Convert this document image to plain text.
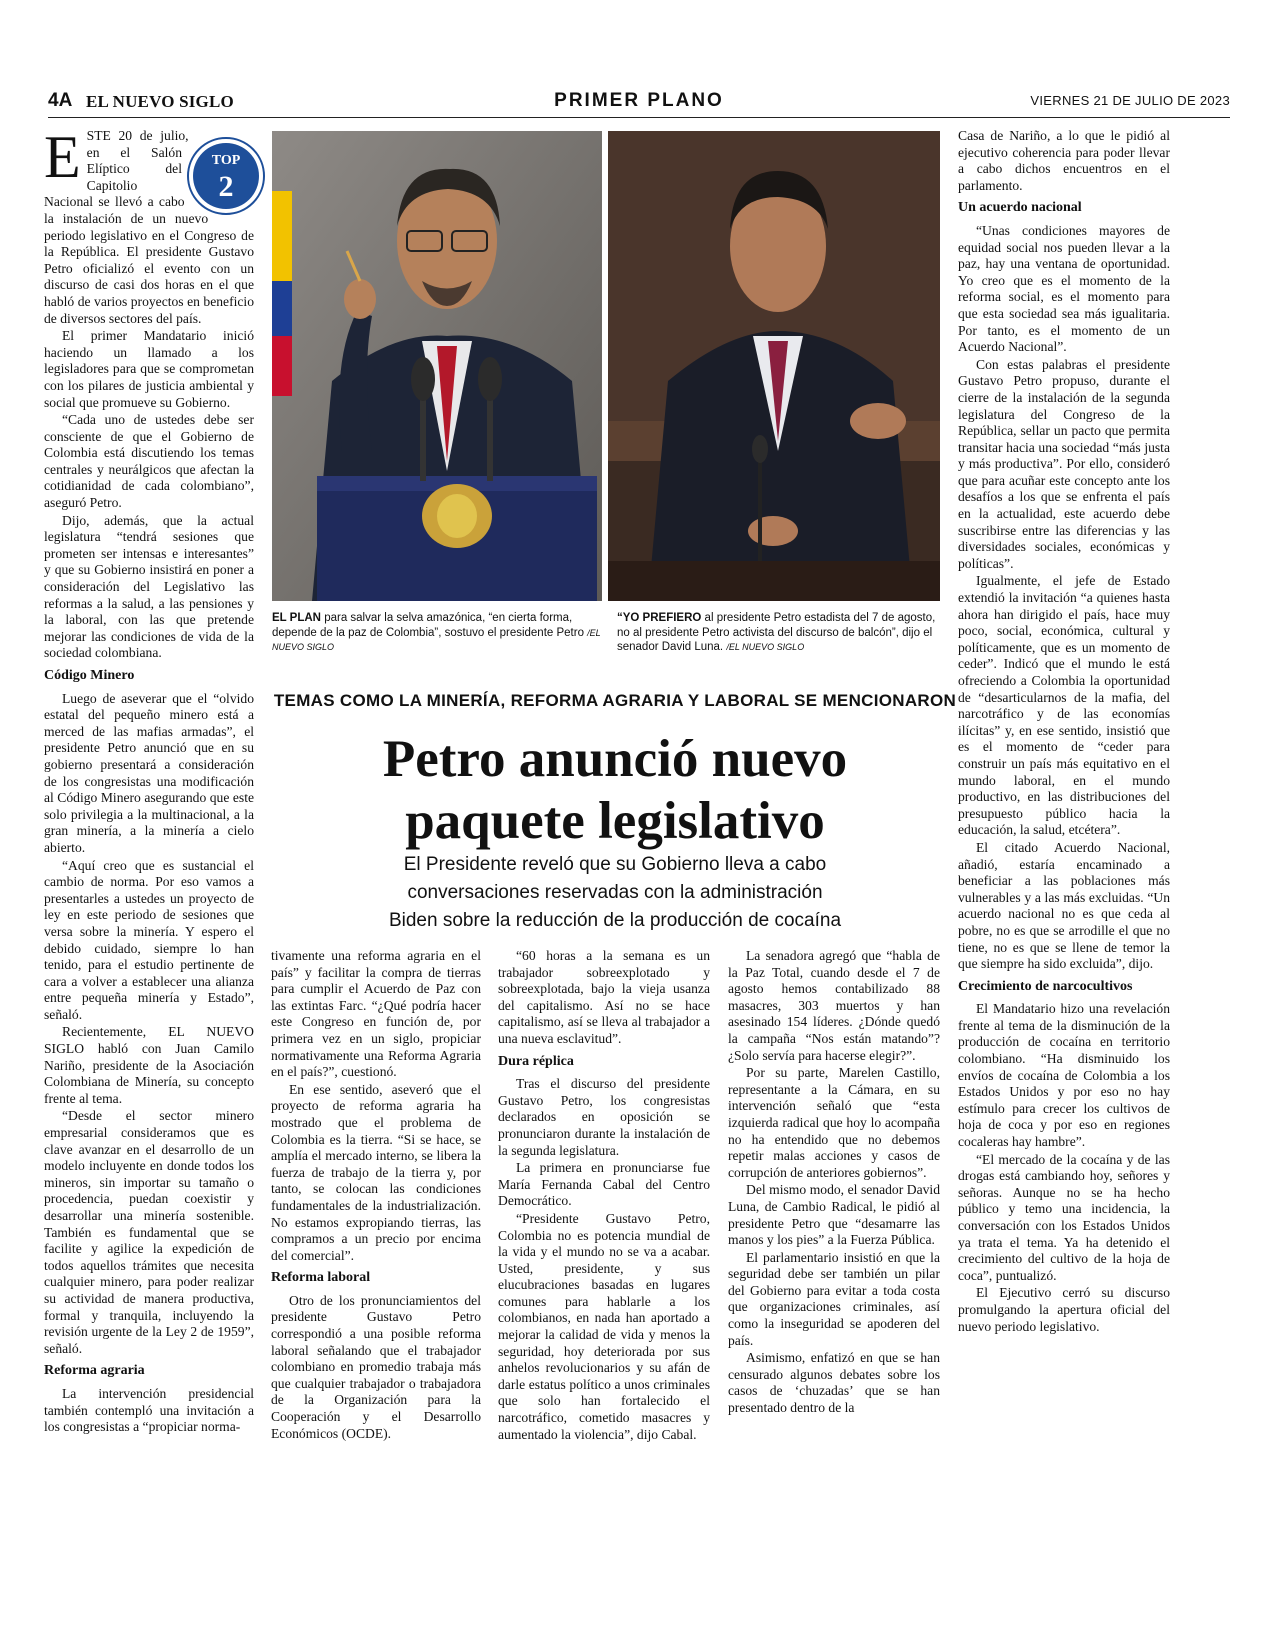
4A EL NUEVO SIGLO	PRIMER PLANO	VIERNES 21 DE JULIO DE 2023
EL PLAN para salvar la selva amazónica, “en cierta forma, depende de la paz de Colombia”, sostuvo el presidente Petro /EL NUEVO SIGLO
“YO PREFIERO al presidente Petro estadista del 7 de agosto, no al presidente Petro activista del discurso de balcón”, dijo el senador David Luna. /EL NUEVO SIGLO
TEMAS COMO LA MINERÍA, REFORMA AGRARIA Y LABORAL SE MENCIONARON
Petro anunció nuevo
paquete legislativo
El Presidente reveló que su Gobierno lleva a cabo
conversaciones reservadas con la administración
Biden sobre la reducción de la producción de cocaína

TOP
2
E STE 20 de julio, en el Salón Elíptico del Capitolio Nacional se llevó a cabo la instalación de un nuevo periodo legislativo en el Congreso de la República. El presidente Gustavo Petro oficializó el evento con un discurso de casi dos horas en el que habló de varios proyectos en beneficio de diversos sectores del país.

El primer Mandatario inició haciendo un llamado a los legisladores para que se comprometan con los pilares de justicia ambiental y social que promueve su Gobierno.

“Cada uno de ustedes debe ser consciente de que el Gobierno de Colombia está discutiendo los temas centrales y neurálgicos que afectan la cotidianidad de cada colombiano”, aseguró Petro.

Dijo, además, que la actual legislatura “tendrá sesiones que prometen ser intensas e interesantes” y que su Gobierno insistirá en poner a consideración del Legislativo las reformas a la salud, a las pensiones y la laboral, con las que pretende mejorar las condiciones de vida de la sociedad colombiana.

Código Minero

Luego de aseverar que el “olvido estatal del pequeño minero está a merced de las mafias armadas”, el presidente Petro anunció que en su gobierno presentará a consideración de los congresistas una modificación al Código Minero asegurando que este solo privilegia a la multinacional, a la gran minería, a la minería a cielo abierto.

“Aquí creo que es sustancial el cambio de norma. Por eso vamos a presentarles a ustedes un proyecto de ley en este periodo de sesiones que versa sobre la minería. Y espero el debido cuidado, siempre lo han tenido, para el estudio pertinente de cara a volver a establecer una alianza entre pequeña minería y Estado”, señaló.

Recientemente, EL NUEVO SIGLO habló con Juan Camilo Nariño, presidente de la Asociación Colombiana de Minería, su concepto frente al tema.

“Desde el sector minero empresarial consideramos que es clave avanzar en el desarrollo de un modelo incluyente en donde todos los mineros, sin importar su tamaño o procedencia, puedan coexistir y desarrollar una minería sostenible. También es fundamental que se facilite y agilice la expedición de todos aquellos trámites que necesita cualquier minero, para poder realizar su actividad de manera productiva, formal y tranquila, incluyendo la revisión urgente de la Ley 2 de 1959”, señaló.

Reforma agraria

La intervención presidencial también contempló una invitación a los congresistas a “propiciar norma-

tivamente una reforma agraria en el país” y facilitar la compra de tierras para cumplir el Acuerdo de Paz con las extintas Farc. “¿Qué podría hacer este Congreso en función de, por primera vez en un siglo, propiciar normativamente una Reforma Agraria en el país?”, cuestionó.

En ese sentido, aseveró que el proyecto de reforma agraria ha mostrado que el problema de Colombia es la tierra. “Si se hace, se amplía el mercado interno, se libera la fuerza de trabajo de la tierra y, por tanto, se colocan las condiciones fundamentales de la industrialización. No estamos expropiando tierras, las compramos a un precio por encima del comercial”.

Reforma laboral

Otro de los pronunciamientos del presidente Gustavo Petro correspondió a una posible reforma laboral señalando que el trabajador colombiano en promedio trabaja más que cualquier trabajador o trabajadora de la Organización para la Cooperación y el Desarrollo Económicos (OCDE).

“60 horas a la semana es un trabajador sobreexplotado y sobreexplotada, bajo la vieja usanza del capitalismo. Así no se hace capitalismo, así se lleva al trabajador a una nueva esclavitud”.

Dura réplica

Tras el discurso del presidente Gustavo Petro, los congresistas declarados en oposición se pronunciaron durante la instalación de la segunda legislatura.

La primera en pronunciarse fue María Fernanda Cabal del Centro Democrático.

“Presidente Gustavo Petro, Colombia no es potencia mundial de la vida y el mundo no se va a acabar. Usted, presidente, y sus elucubraciones basadas en lugares comunes para hablarle a los colombianos, en nada han aportado a mejorar la calidad de vida y menos la seguridad, hoy deteriorada por sus anhelos revolucionarios y su afán de darle estatus político a unos criminales que solo han fortalecido el narcotráfico, cometido masacres y aumentado la violencia”, dijo Cabal.

La senadora agregó que “habla de la Paz Total, cuando desde el 7 de agosto hemos contabilizado 88 masacres, 303 muertos y han asesinado 154 líderes. ¿Dónde quedó la campaña “Nos están matando”? ¿Solo servía para hacerse elegir?”.

Por su parte, Marelen Castillo, representante a la Cámara, en su intervención señaló que “esta izquierda radical que hoy lo acompaña no ha entendido que no debemos repetir malas acciones y casos de corrupción de anteriores gobiernos”.

Del mismo modo, el senador David Luna, de Cambio Radical, le pidió al presidente Petro que “desamarre las manos y los pies” a la Fuerza Pública.

El parlamentario insistió en que la seguridad debe ser también un pilar del Gobierno para evitar a toda costa que organizaciones criminales, así como la inseguridad se apoderen del país.

Asimismo, enfatizó en que se han censurado algunos debates sobre los casos de ‘chuzadas’ que se han presentado dentro de la

Casa de Nariño, a lo que le pidió al ejecutivo coherencia para poder llevar a cabo dichos encuentros en el parlamento.

Un acuerdo nacional

“Unas condiciones mayores de equidad social nos pueden llevar a la paz, hay una ventana de oportunidad. Yo creo que es el momento de la reforma social, es el momento para que esta sociedad sea más igualitaria. Por tanto, es el momento de un Acuerdo Nacional”.

Con estas palabras el presidente Gustavo Petro propuso, durante el cierre de la instalación de la segunda legislatura del Congreso de la República, sellar un pacto que permita transitar hacia una sociedad “más justa y más productiva”. Por ello, consideró que para acuñar este concepto ante los desafíos a los que se enfrenta el país en la actualidad, este acuerdo debe suscribirse entre las diferencias y las diversidades sociales, económicas y políticas”.

Igualmente, el jefe de Estado extendió la invitación “a quienes hasta ahora han dirigido el país, hace muy poco, social, económica, cultural y políticamente, que es un momento de ceder”. Indicó que el mundo le está ofreciendo a Colombia la oportunidad de “desarticularnos de la mafia, del narcotráfico y de las economías ilícitas” y, en ese sentido, insistió que es el momento de “ceder para construir un país más equitativo en el mundo laboral, en el mundo productivo, en las distribuciones del presupuesto público hacia la educación, la salud, etcétera”.

El citado Acuerdo Nacional, añadió, estaría encaminado a beneficiar a las poblaciones más vulnerables y a las más excluidas. “Un acuerdo nacional no es que ceda al pobre, no es que se arrodille el que no tiene, no es que se llene de temor la que siempre ha sido excluida”, dijo.

Crecimiento de narcocultivos

El Mandatario hizo una revelación frente al tema de la disminución de la producción de cocaína en territorio colombiano. “Ha disminuido los envíos de cocaína de Colombia a los Estados Unidos y por eso no hay estímulo para crecer los cultivos de hoja de coca y por eso en regiones cocaleras hay hambre”.

“El mercado de la cocaína y de las drogas está cambiando hoy, señores y señoras. Aunque no se ha hecho público y temo una incidencia, la conversación con los Estados Unidos ya trata el tema. Ya ha detenido el crecimiento del cultivo de la hoja de coca”, puntualizó.

El Ejecutivo cerró su discurso promulgando la apertura oficial del nuevo periodo legislativo.
